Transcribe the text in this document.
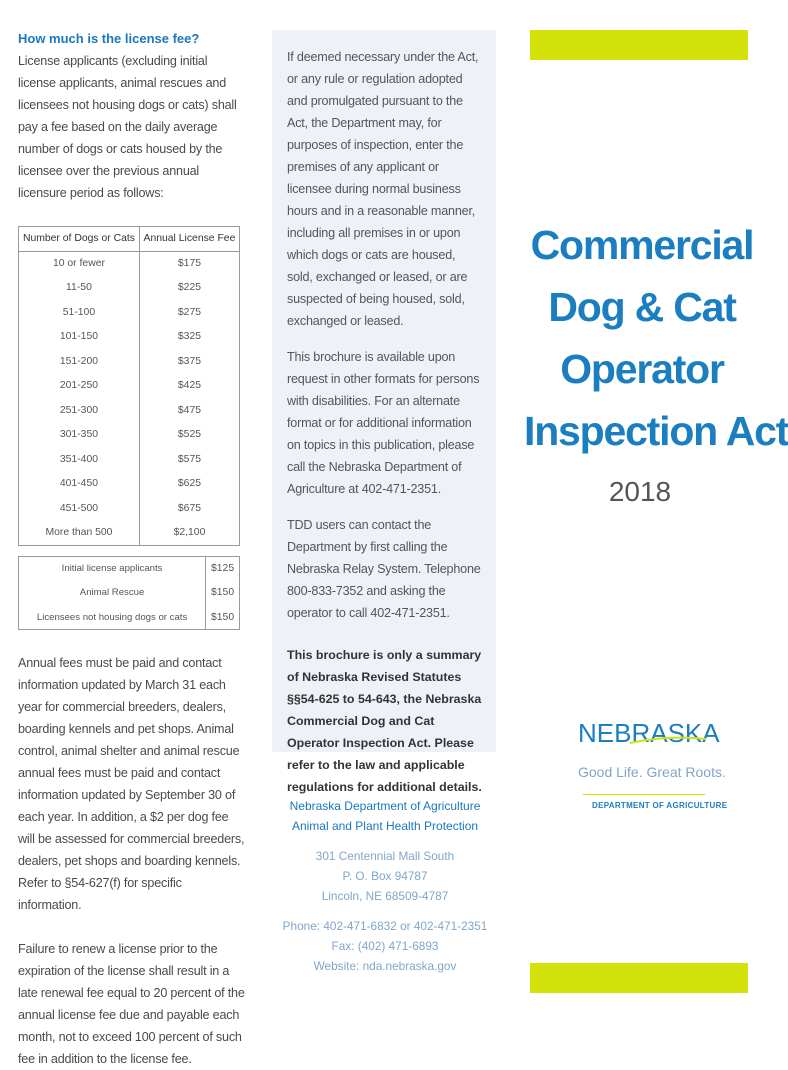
How much is the license fee?

License applicants (excluding initial license applicants, animal rescues and licensees not housing dogs or cats) shall pay a fee based on the daily average number of dogs or cats housed by the licensee over the previous annual licensure period as follows:

Number of Dogs or Cats	Annual License Fee
10 or fewer	$175
11-50	$225
51-100	$275
101-150	$325
151-200	$375
201-250	$425
251-300	$475
301-350	$525
351-400	$575
401-450	$625
451-500	$675
More than 500	$2,100
Initial license applicants	$125
Animal Rescue	$150
Licensees not housing dogs or cats	$150

Annual fees must be paid and contact information updated by March 31 each year for commercial breeders, dealers, boarding kennels and pet shops. Animal control, animal shelter and animal rescue annual fees must be paid and contact information updated by September 30 of each year. In addition, a $2 per dog fee will be assessed for commercial breeders, dealers, pet shops and boarding kennels. Refer to §54-627(f) for specific information.

Failure to renew a license prior to the expiration of the license shall result in a late renewal fee equal to 20 percent of the annual license fee due and payable each month, not to exceed 100 percent of such fee in addition to the license fee.

If deemed necessary under the Act, or any rule or regulation adopted and promulgated pursuant to the Act, the Department may, for purposes of inspection, enter the premises of any applicant or licensee during normal business hours and in a reasonable manner, including all premises in or upon which dogs or cats are housed, sold, exchanged or leased, or are suspected of being housed, sold, exchanged or leased.

This brochure is available upon request in other formats for persons with disabilities. For an alternate format or for additional information on topics in this publication, please call the Nebraska Department of Agriculture at 402-471-2351.

TDD users can contact the Department by first calling the Nebraska Relay System. Telephone 800-833-7352 and asking the operator to call 402-471-2351.

This brochure is only a summary of Nebraska Revised Statutes §§54-625 to 54-643, the Nebraska Commercial Dog and Cat Operator Inspection Act. Please refer to the law and applicable regulations for additional details.

Nebraska Department of Agriculture
Animal and Plant Health Protection
301 Centennial Mall South
P. O. Box 94787
Lincoln, NE 68509-4787
Phone: 402-471-6832 or 402-471-2351
Fax: (402) 471-6893
Website: nda.nebraska.gov
Commercial
Dog & Cat
Operator
Inspection Act
2018
NEBRASKA
Good Life. Great Roots.
DEPARTMENT OF AGRICULTURE
